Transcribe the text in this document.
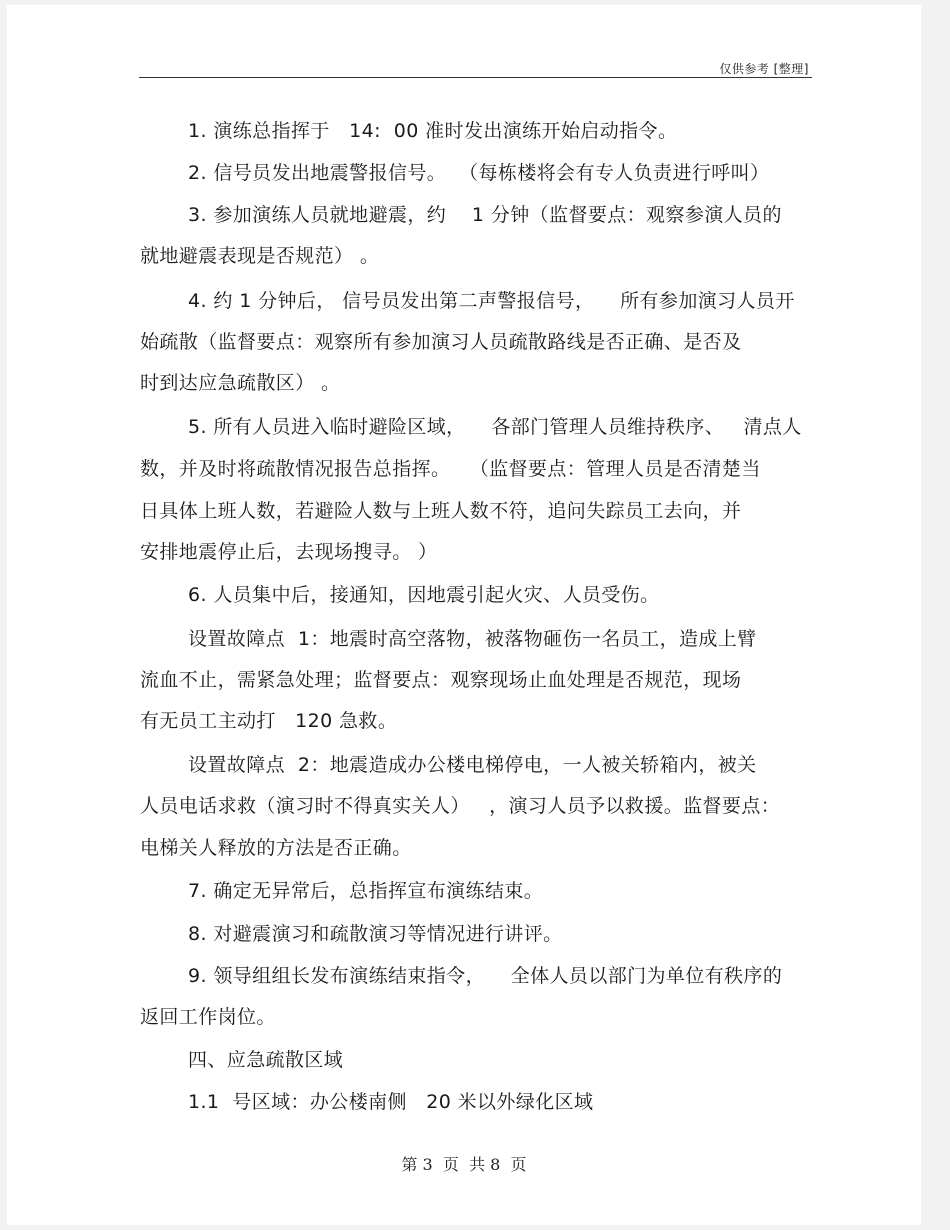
仅供参考 [整理]
1. 演练总指挥于   14:  00 准时发出演练开始启动指令。
2. 信号员发出地震警报信号。  （每栋楼将会有专人负责进行呼叫）
3. 参加演练人员就地避震，约    1 分钟（监督要点：观察参演人员的
就地避震表现是否规范） 。
4. 约 1 分钟后， 信号员发出第二声警报信号，    所有参加演习人员开
始疏散（监督要点：观察所有参加演习人员疏散路线是否正确、是否及
时到达应急疏散区） 。
5. 所有人员进入临时避险区域，    各部门管理人员维持秩序、   清点人
数，并及时将疏散情况报告总指挥。   （监督要点：管理人员是否清楚当
日具体上班人数，若避险人数与上班人数不符，追问失踪员工去向，并
安排地震停止后，去现场搜寻。 ）
6. 人员集中后，接通知，因地震引起火灾、人员受伤。
设置故障点  1：地震时高空落物，被落物砸伤一名员工，造成上臂
流血不止，需紧急处理；监督要点：观察现场止血处理是否规范，现场
有无员工主动打   120 急救。
设置故障点  2：地震造成办公楼电梯停电，一人被关轿箱内，被关
人员电话求救（演习时不得真实关人）   ，演习人员予以救援。监督要点：
电梯关人释放的方法是否正确。
7. 确定无异常后，总指挥宣布演练结束。
8. 对避震演习和疏散演习等情况进行讲评。
9. 领导组组长发布演练结束指令，    全体人员以部门为单位有秩序的
返回工作岗位。
四、应急疏散区域
1.1  号区域：办公楼南侧   20 米以外绿化区域
第 3  页  共 8  页
